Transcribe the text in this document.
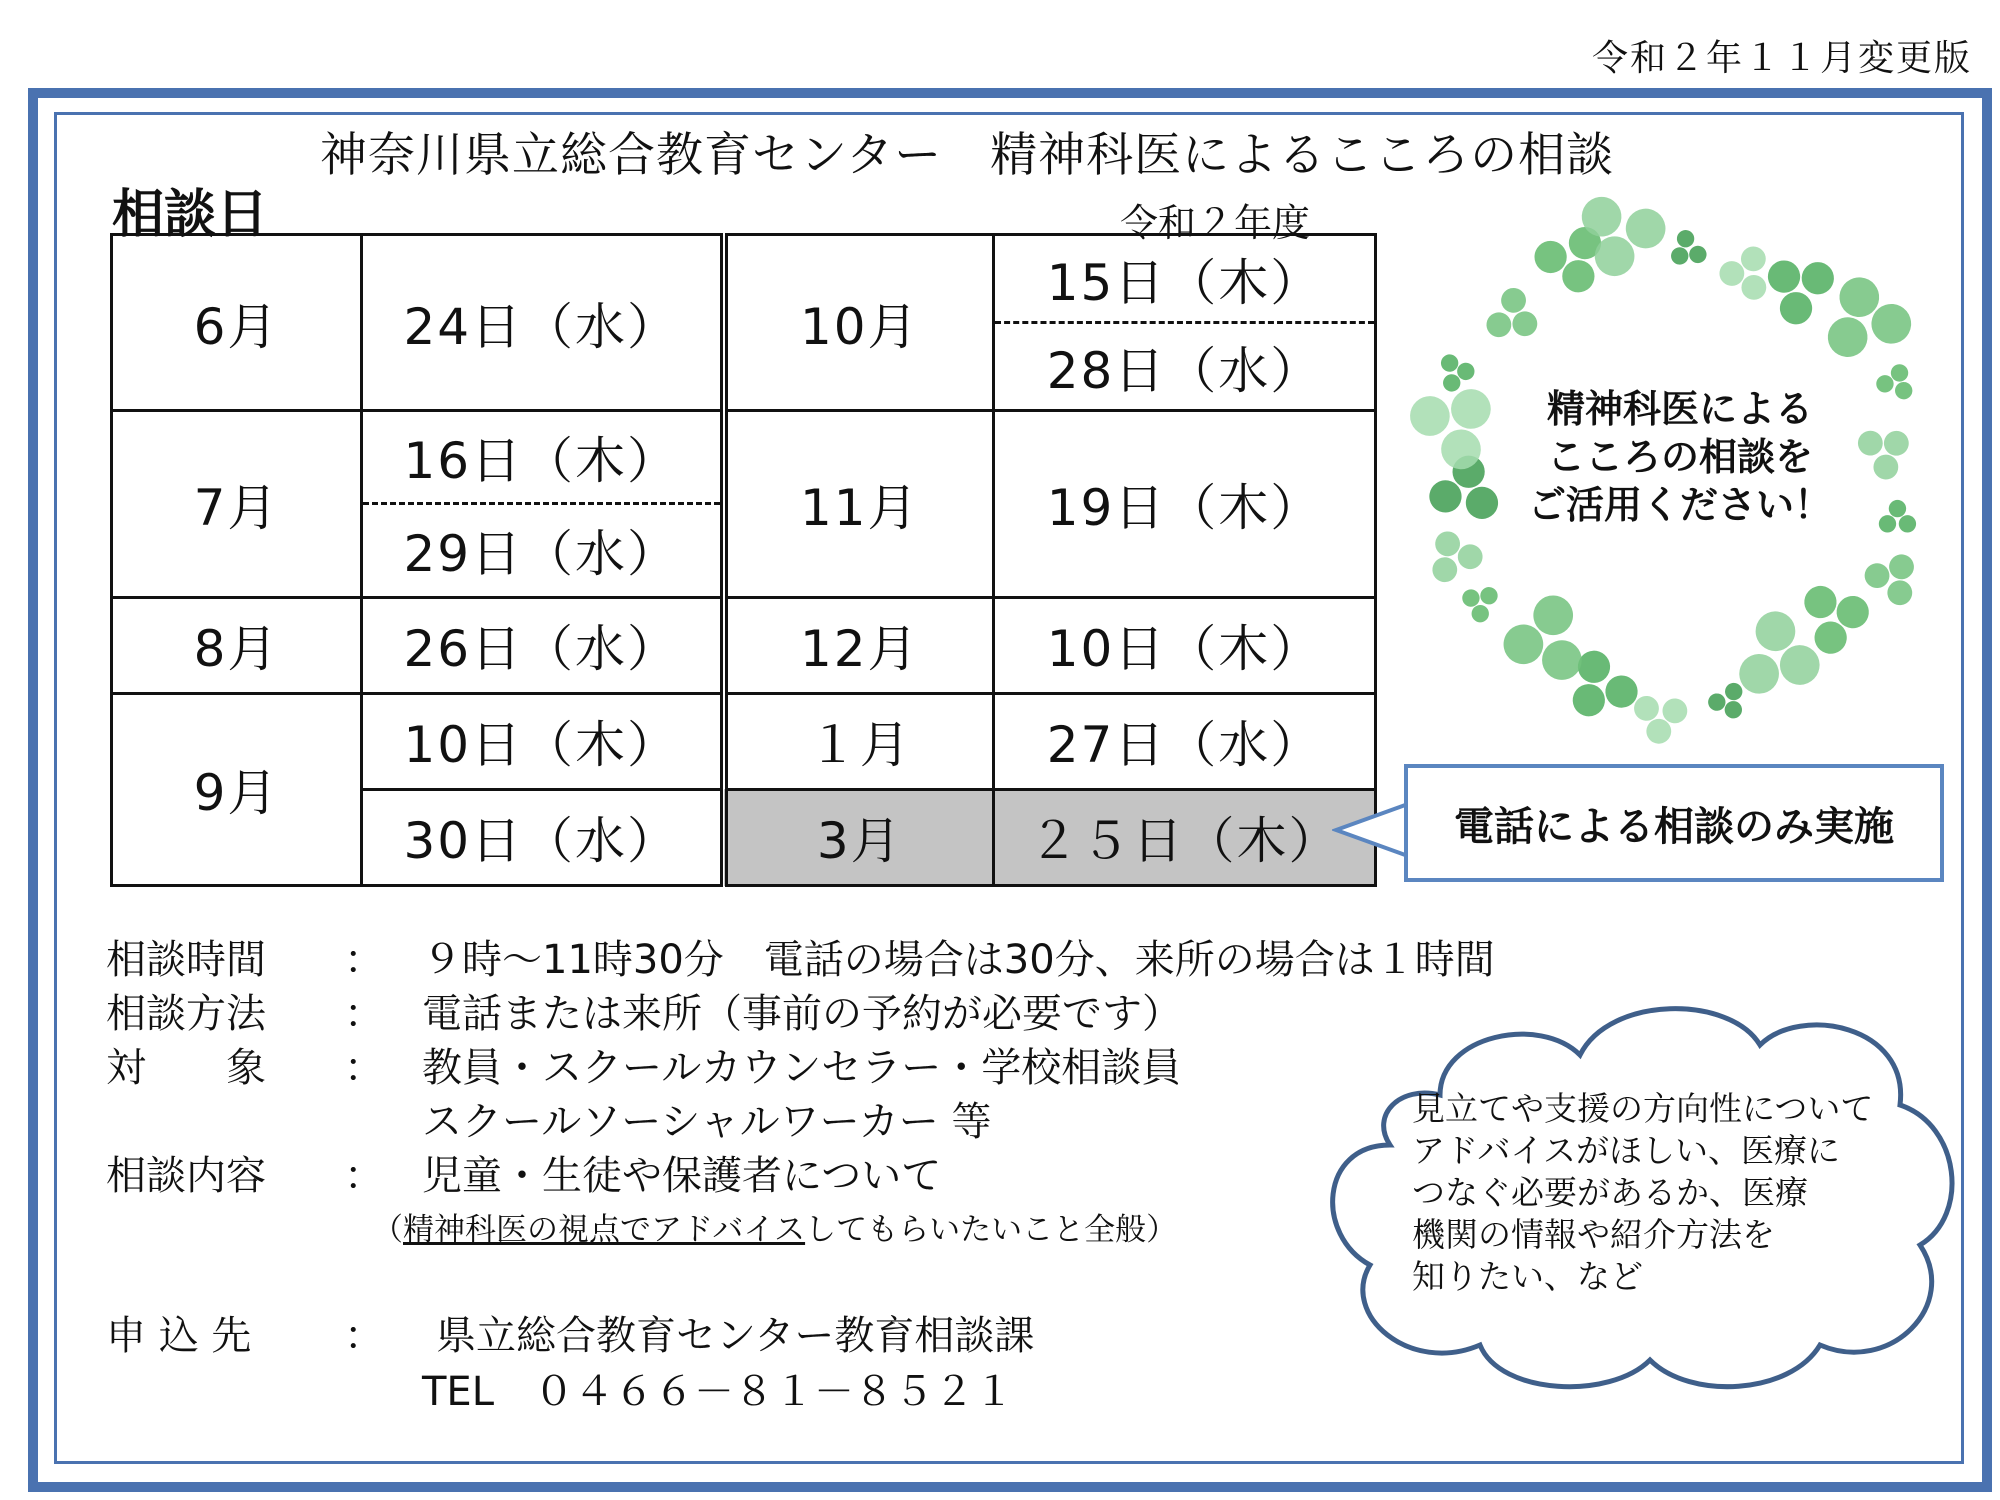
令和２年１１月変更版
神奈川県立総合教育センター　精神科医によるこころの相談
相談日	令和２年度
6月	24日（水）	10月	15日（木）
28日（水）

7月	16日（木）
29日（水）	11月	19日（木）
8月	26日（水）	12月	10日（木）
9月	10日（木）	１月	27日（水）
	30日（水）	3月	２５日（木）	電話による相談のみ実施
精神科医による
こころの相談を
ご活用ください！
相談時間 ： ９時～11時30分　電話の場合は30分、来所の場合は１時間
相談方法 ： 電話または来所（事前の予約が必要です）
対　　象 ： 教員・スクールカウンセラー・学校相談員
スクールソーシャルワーカー 等
相談内容 ： 児童・生徒や保護者について
（精神科医の視点でアドバイスしてもらいたいこと全般）
申 込 先 ： 県立総合教育センター教育相談課
TEL　０４６６－８１－８５２１
見立てや支援の方向性について
アドバイスがほしい、医療に
つなぐ必要があるか、医療
機関の情報や紹介方法を
知りたい、など
